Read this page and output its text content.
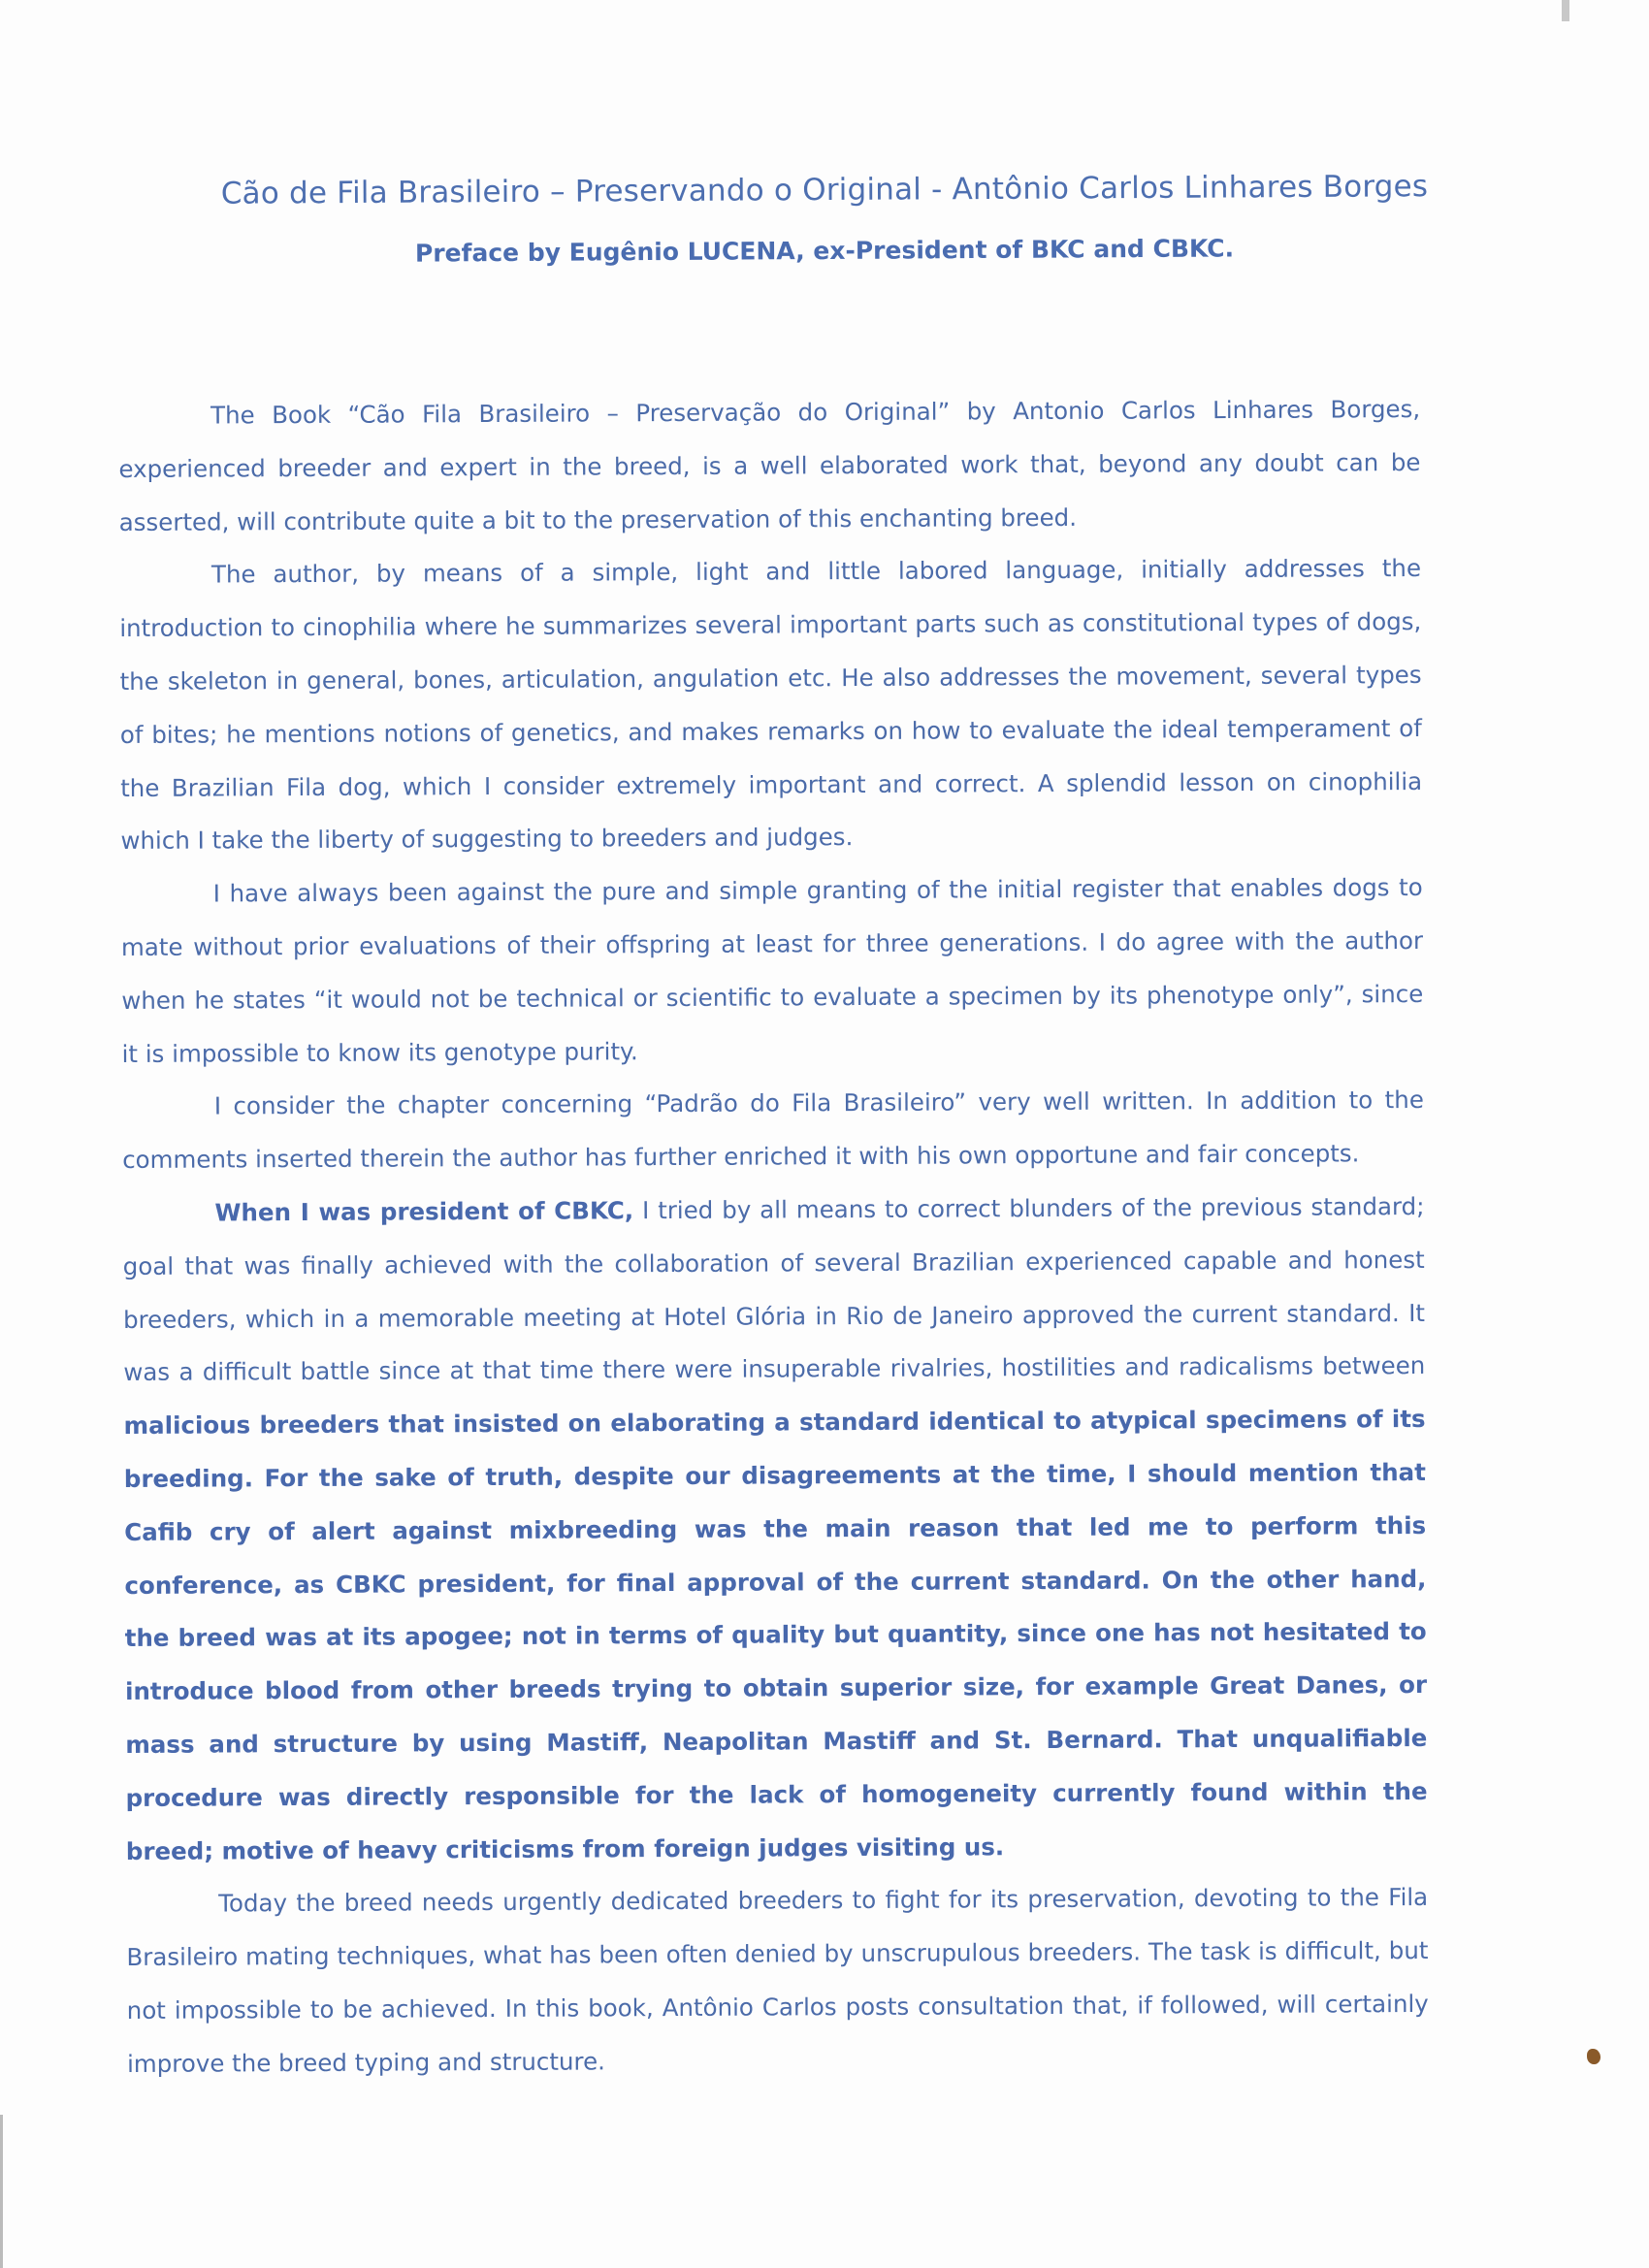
Cão de Fila Brasileiro – Preservando o Original - Antônio Carlos Linhares Borges
Preface by Eugênio LUCENA, ex-President of BKC and CBKC.

The Book “Cão Fila Brasileiro – Preservação do Original” by Antonio Carlos Linhares Borges, experienced breeder and expert in the breed, is a well elaborated work that, beyond any doubt can be asserted, will contribute quite a bit to the preservation of this enchanting breed.

The author, by means of a simple, light and little labored language, initially addresses the introduction to cinophilia where he summarizes several important parts such as constitutional types of dogs, the skeleton in general, bones, articulation, angulation etc. He also addresses the movement, several types of bites; he mentions notions of genetics, and makes remarks on how to evaluate the ideal temperament of the Brazilian Fila dog, which I consider extremely important and correct. A splendid lesson on cinophilia which I take the liberty of suggesting to breeders and judges.

I have always been against the pure and simple granting of the initial register that enables dogs to mate without prior evaluations of their offspring at least for three generations. I do agree with the author when he states “it would not be technical or scientific to evaluate a specimen by its phenotype only”, since it is impossible to know its genotype purity.

I consider the chapter concerning “Padrão do Fila Brasileiro” very well written. In addition to the comments inserted therein the author has further enriched it with his own opportune and fair concepts.

When I was president of CBKC, I tried by all means to correct blunders of the previous standard; goal that was finally achieved with the collaboration of several Brazilian experienced capable and honest breeders, which in a memorable meeting at Hotel Glória in Rio de Janeiro approved the current standard. It was a difficult battle since at that time there were insuperable rivalries, hostilities and radicalisms between malicious breeders that insisted on elaborating a standard identical to atypical specimens of its breeding. For the sake of truth, despite our disagreements at the time, I should mention that Cafib cry of alert against mixbreeding was the main reason that led me to perform this conference, as CBKC president, for final approval of the current standard. On the other hand, the breed was at its apogee; not in terms of quality but quantity, since one has not hesitated to introduce blood from other breeds trying to obtain superior size, for example Great Danes, or mass and structure by using Mastiff, Neapolitan Mastiff and St. Bernard. That unqualifiable procedure was directly responsible for the lack of homogeneity currently found within the breed; motive of heavy criticisms from foreign judges visiting us.

Today the breed needs urgently dedicated breeders to fight for its preservation, devoting to the Fila Brasileiro mating techniques, what has been often denied by unscrupulous breeders. The task is difficult, but not impossible to be achieved. In this book, Antônio Carlos posts consultation that, if followed, will certainly improve the breed typing and structure.
